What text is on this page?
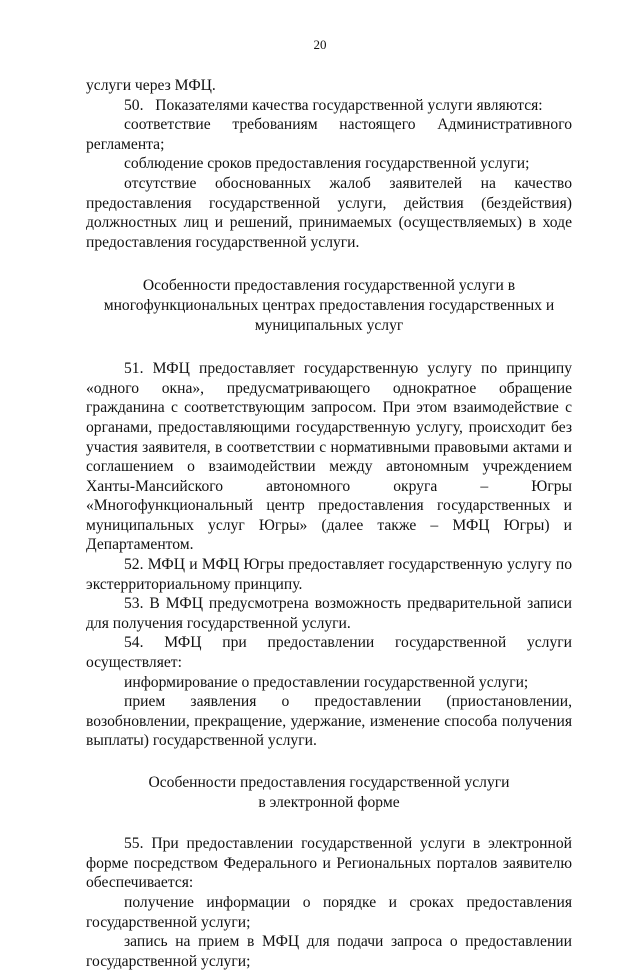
20

услуги через МФЦ.

50.   Показателями качества государственной услуги являются:

соответствие требованиям настоящего Административного регламента;

соблюдение сроков предоставления государственной услуги;

отсутствие обоснованных жалоб заявителей на качество предоставления государственной услуги, действия (бездействия) должностных лиц и решений, принимаемых (осуществляемых) в ходе предоставления государственной услуги.

Особенности предоставления государственной услуги в

многофункциональных центрах предоставления государственных и

муниципальных услуг

51. МФЦ предоставляет государственную услугу по принципу «одного окна», предусматривающего однократное обращение гражданина с соответствующим запросом. При этом взаимодействие с органами, предоставляющими государственную услугу, происходит без участия заявителя, в соответствии с нормативными правовыми актами и соглашением о взаимодействии между автономным учреждением Ханты-Мансийского автономного округа – Югры «Многофункциональный центр предоставления государственных и муниципальных услуг Югры» (далее также – МФЦ Югры) и Департаментом.

52. МФЦ и МФЦ Югры предоставляет государственную услугу по экстерриториальному принципу.

53. В МФЦ предусмотрена возможность предварительной записи для получения государственной услуги.

54. МФЦ при предоставлении государственной услуги осуществляет:

информирование о предоставлении государственной услуги;

прием заявления о предоставлении (приостановлении, возобновлении, прекращение, удержание, изменение способа получения выплаты) государственной услуги.

Особенности предоставления государственной услуги

в электронной форме

55. При предоставлении государственной услуги в электронной форме посредством Федерального и Региональных порталов заявителю обеспечивается:

получение информации о порядке и сроках предоставления государственной услуги;

запись на прием в МФЦ для подачи запроса о предоставлении государственной услуги;
